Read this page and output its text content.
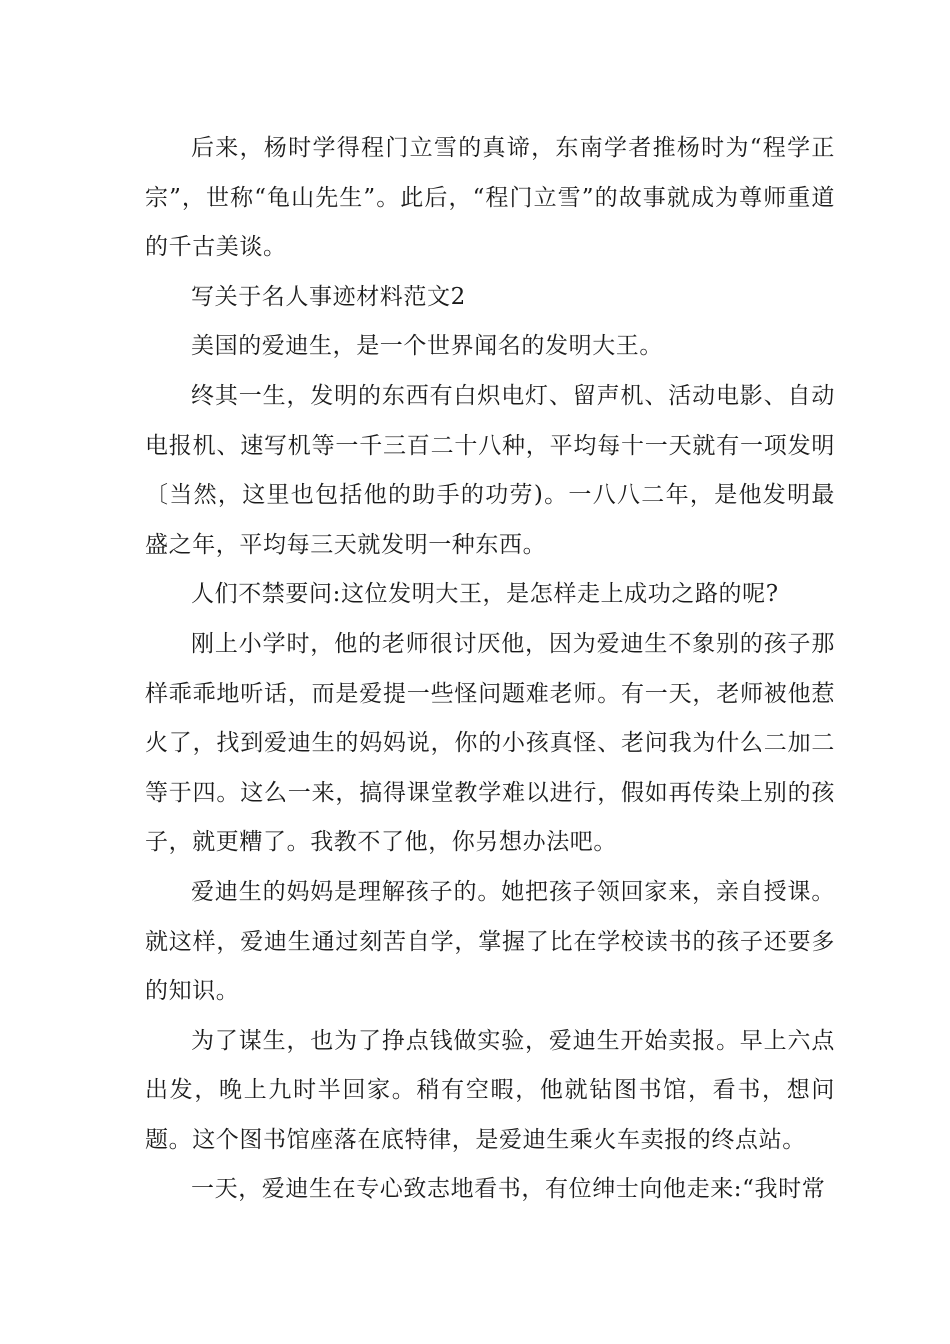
后来，杨时学得程门立雪的真谛，东南学者推杨时为“程学正宗”，世称“龟山先生”。此后，“程门立雪”的故事就成为尊师重道的千古美谈。

写关于名人事迹材料范文2

美国的爱迪生，是一个世界闻名的发明大王。

终其一生，发明的东西有白炽电灯、留声机、活动电影、自动电报机、速写机等一千三百二十八种，平均每十一天就有一项发明〔当然，这里也包括他的助手的功劳)。一八八二年，是他发明最盛之年，平均每三天就发明一种东西。

人们不禁要问:这位发明大王，是怎样走上成功之路的呢?

刚上小学时，他的老师很讨厌他，因为爱迪生不象别的孩子那样乖乖地听话，而是爱提一些怪问题难老师。有一天，老师被他惹火了，找到爱迪生的妈妈说，你的小孩真怪、老问我为什么二加二等于四。这么一来，搞得课堂教学难以进行，假如再传染上别的孩子，就更糟了。我教不了他，你另想办法吧。

爱迪生的妈妈是理解孩子的。她把孩子领回家来，亲自授课。就这样，爱迪生通过刻苦自学，掌握了比在学校读书的孩子还要多的知识。

为了谋生，也为了挣点钱做实验，爱迪生开始卖报。早上六点出发，晚上九时半回家。稍有空暇，他就钻图书馆，看书，想问题。这个图书馆座落在底特律，是爱迪生乘火车卖报的终点站。

一天，爱迪生在专心致志地看书，有位绅士向他走来:“我时常
